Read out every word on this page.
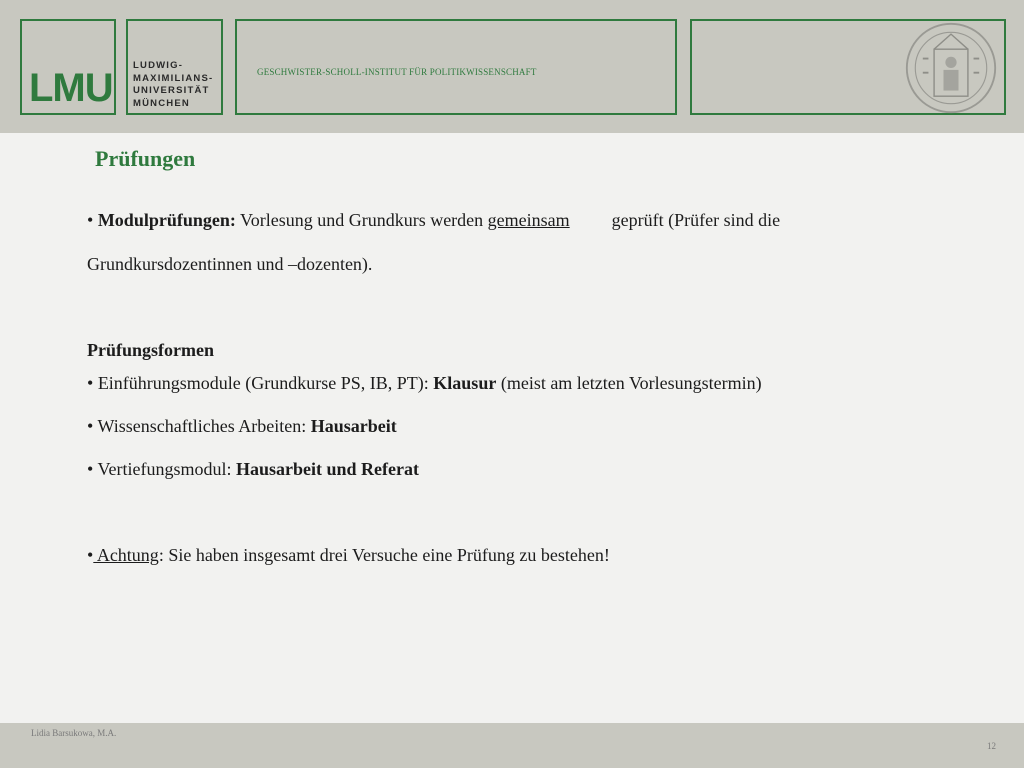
LMU
LUDWIG-
MAXIMILIANS-
UNIVERSITÄT
MÜNCHEN
GESCHWISTER-SCHOLL-INSTITUT FÜR POLITIKWISSENSCHAFT
Prüfungen
• Modulprüfungen: Vorlesung und Grundkurs werden gemeinsam geprüft (Prüfer sind die
Grundkursdozentinnen und –dozenten).
Prüfungsformen
• Einführungsmodule (Grundkurse PS, IB, PT): Klausur (meist am letzten Vorlesungstermin)
• Wissenschaftliches Arbeiten: Hausarbeit
• Vertiefungsmodul: Hausarbeit und Referat
• Achtung: Sie haben insgesamt drei Versuche eine Prüfung zu bestehen!
Lidia Barsukowa, M.A.
12
